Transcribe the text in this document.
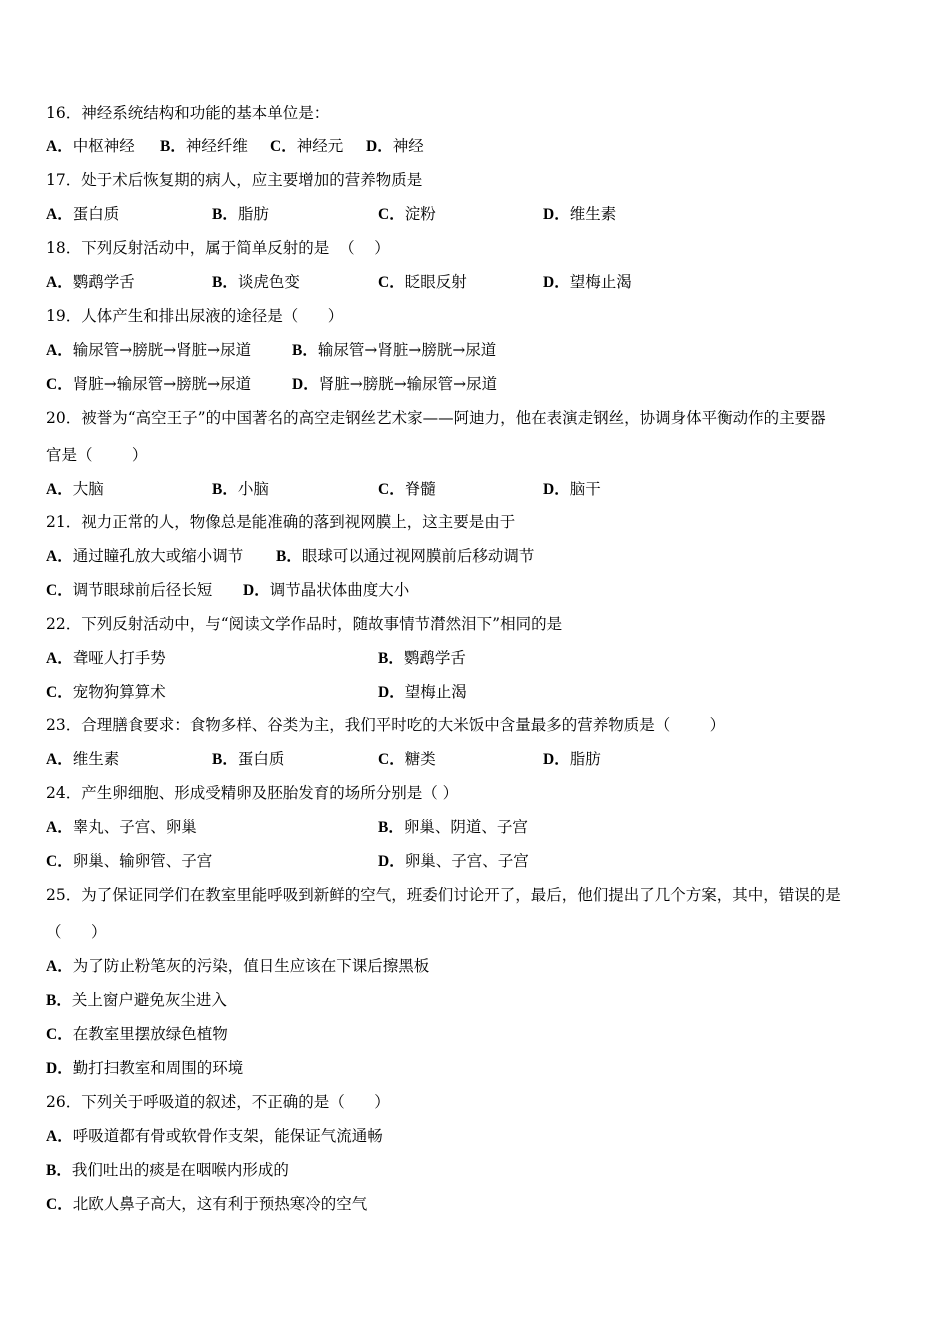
16．神经系统结构和功能的基本单位是：
A．中枢神经 B．神经纤维 C．神经元 D．神经
17．处于术后恢复期的病人，应主要增加的营养物质是
A．蛋白质	B．脂肪	C．淀粉	D．维生素
18．下列反射活动中，属于简单反射的是  （    ）
A．鹦鹉学舌	B．谈虎色变	C．眨眼反射	D．望梅止渴
19．人体产生和排出尿液的途径是（      ）
A．输尿管→膀胱→肾脏→尿道	B．输尿管→肾脏→膀胱→尿道
C．肾脏→输尿管→膀胱→尿道	D．肾脏→膀胱→输尿管→尿道
20．被誉为“高空王子”的中国著名的高空走钢丝艺术家——阿迪力，他在表演走钢丝，协调身体平衡动作的主要器
官是（        ）
A．大脑	B．小脑	C．脊髓	D．脑干
21．视力正常的人，物像总是能准确的落到视网膜上，这主要是由于
A．通过瞳孔放大或缩小调节 B．眼球可以通过视网膜前后移动调节
C．调节眼球前后径长短 D．调节晶状体曲度大小
22．下列反射活动中，与“阅读文学作品时，随故事情节潸然泪下”相同的是
A．聋哑人打手势	B．鹦鹉学舌
C．宠物狗算算术	D．望梅止渴
23．合理膳食要求：食物多样、谷类为主，我们平时吃的大米饭中含量最多的营养物质是（        ）
A．维生素	B．蛋白质	C．糖类	D．脂肪
24．产生卵细胞、形成受精卵及胚胎发育的场所分别是（ ）
A．睾丸、子宫、卵巢	B．卵巢、阴道、子宫
C．卵巢、输卵管、子宫	D．卵巢、子宫、子宫
25．为了保证同学们在教室里能呼吸到新鲜的空气，班委们讨论开了，最后，他们提出了几个方案，其中，错误的是
（      ）
A．为了防止粉笔灰的污染，值日生应该在下课后擦黑板
B．关上窗户避免灰尘进入
C．在教室里摆放绿色植物
D．勤打扫教室和周围的环境
26．下列关于呼吸道的叙述，不正确的是（      ）
A．呼吸道都有骨或软骨作支架，能保证气流通畅
B．我们吐出的痰是在咽喉内形成的
C．北欧人鼻子高大，这有利于预热寒冷的空气
